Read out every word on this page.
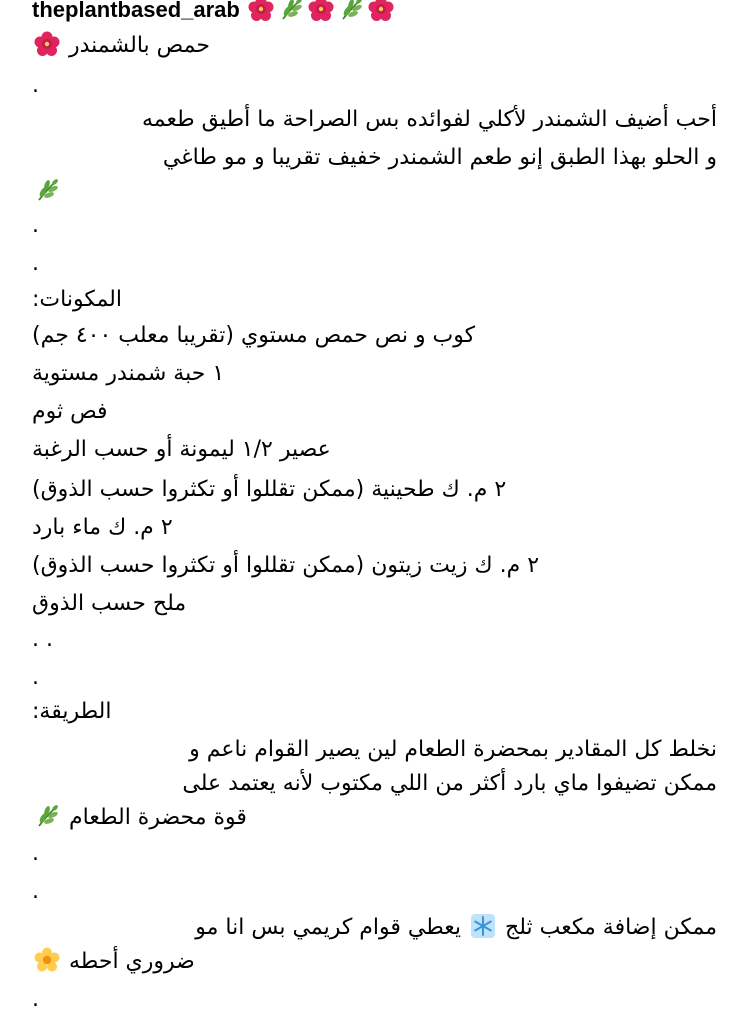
theplantbased_arab
حمص بالشمندر
.
أحب أضيف الشمندر لأكلي لفوائده بس الصراحة ما أطيق طعمه
و الحلو بهذا الطبق إنو طعم الشمندر خفيف تقريبا و مو طاغي
.
.
المكونات:
كوب و نص حمص مستوي (تقريبا معلب ٤٠٠ جم)
١ حبة شمندر مستوية
فص ثوم
عصير ١/٢ ليمونة أو حسب الرغبة
٢ م. ك طحينية (ممكن تقللوا أو تكثروا حسب الذوق)
٢ م. ك ماء بارد
٢ م. ك زيت زيتون (ممكن تقللوا أو تكثروا حسب الذوق)
ملح حسب الذوق
. .
.
الطريقة:
نخلط كل المقادير بمحضرة الطعام لين يصير القوام ناعم و
ممكن تضيفوا ماي بارد أكثر من اللي مكتوب لأنه يعتمد على
قوة محضرة الطعام
.
.
ممكن إضافة مكعب ثلج  يعطي قوام كريمي بس انا مو
ضروري أحطه
.
